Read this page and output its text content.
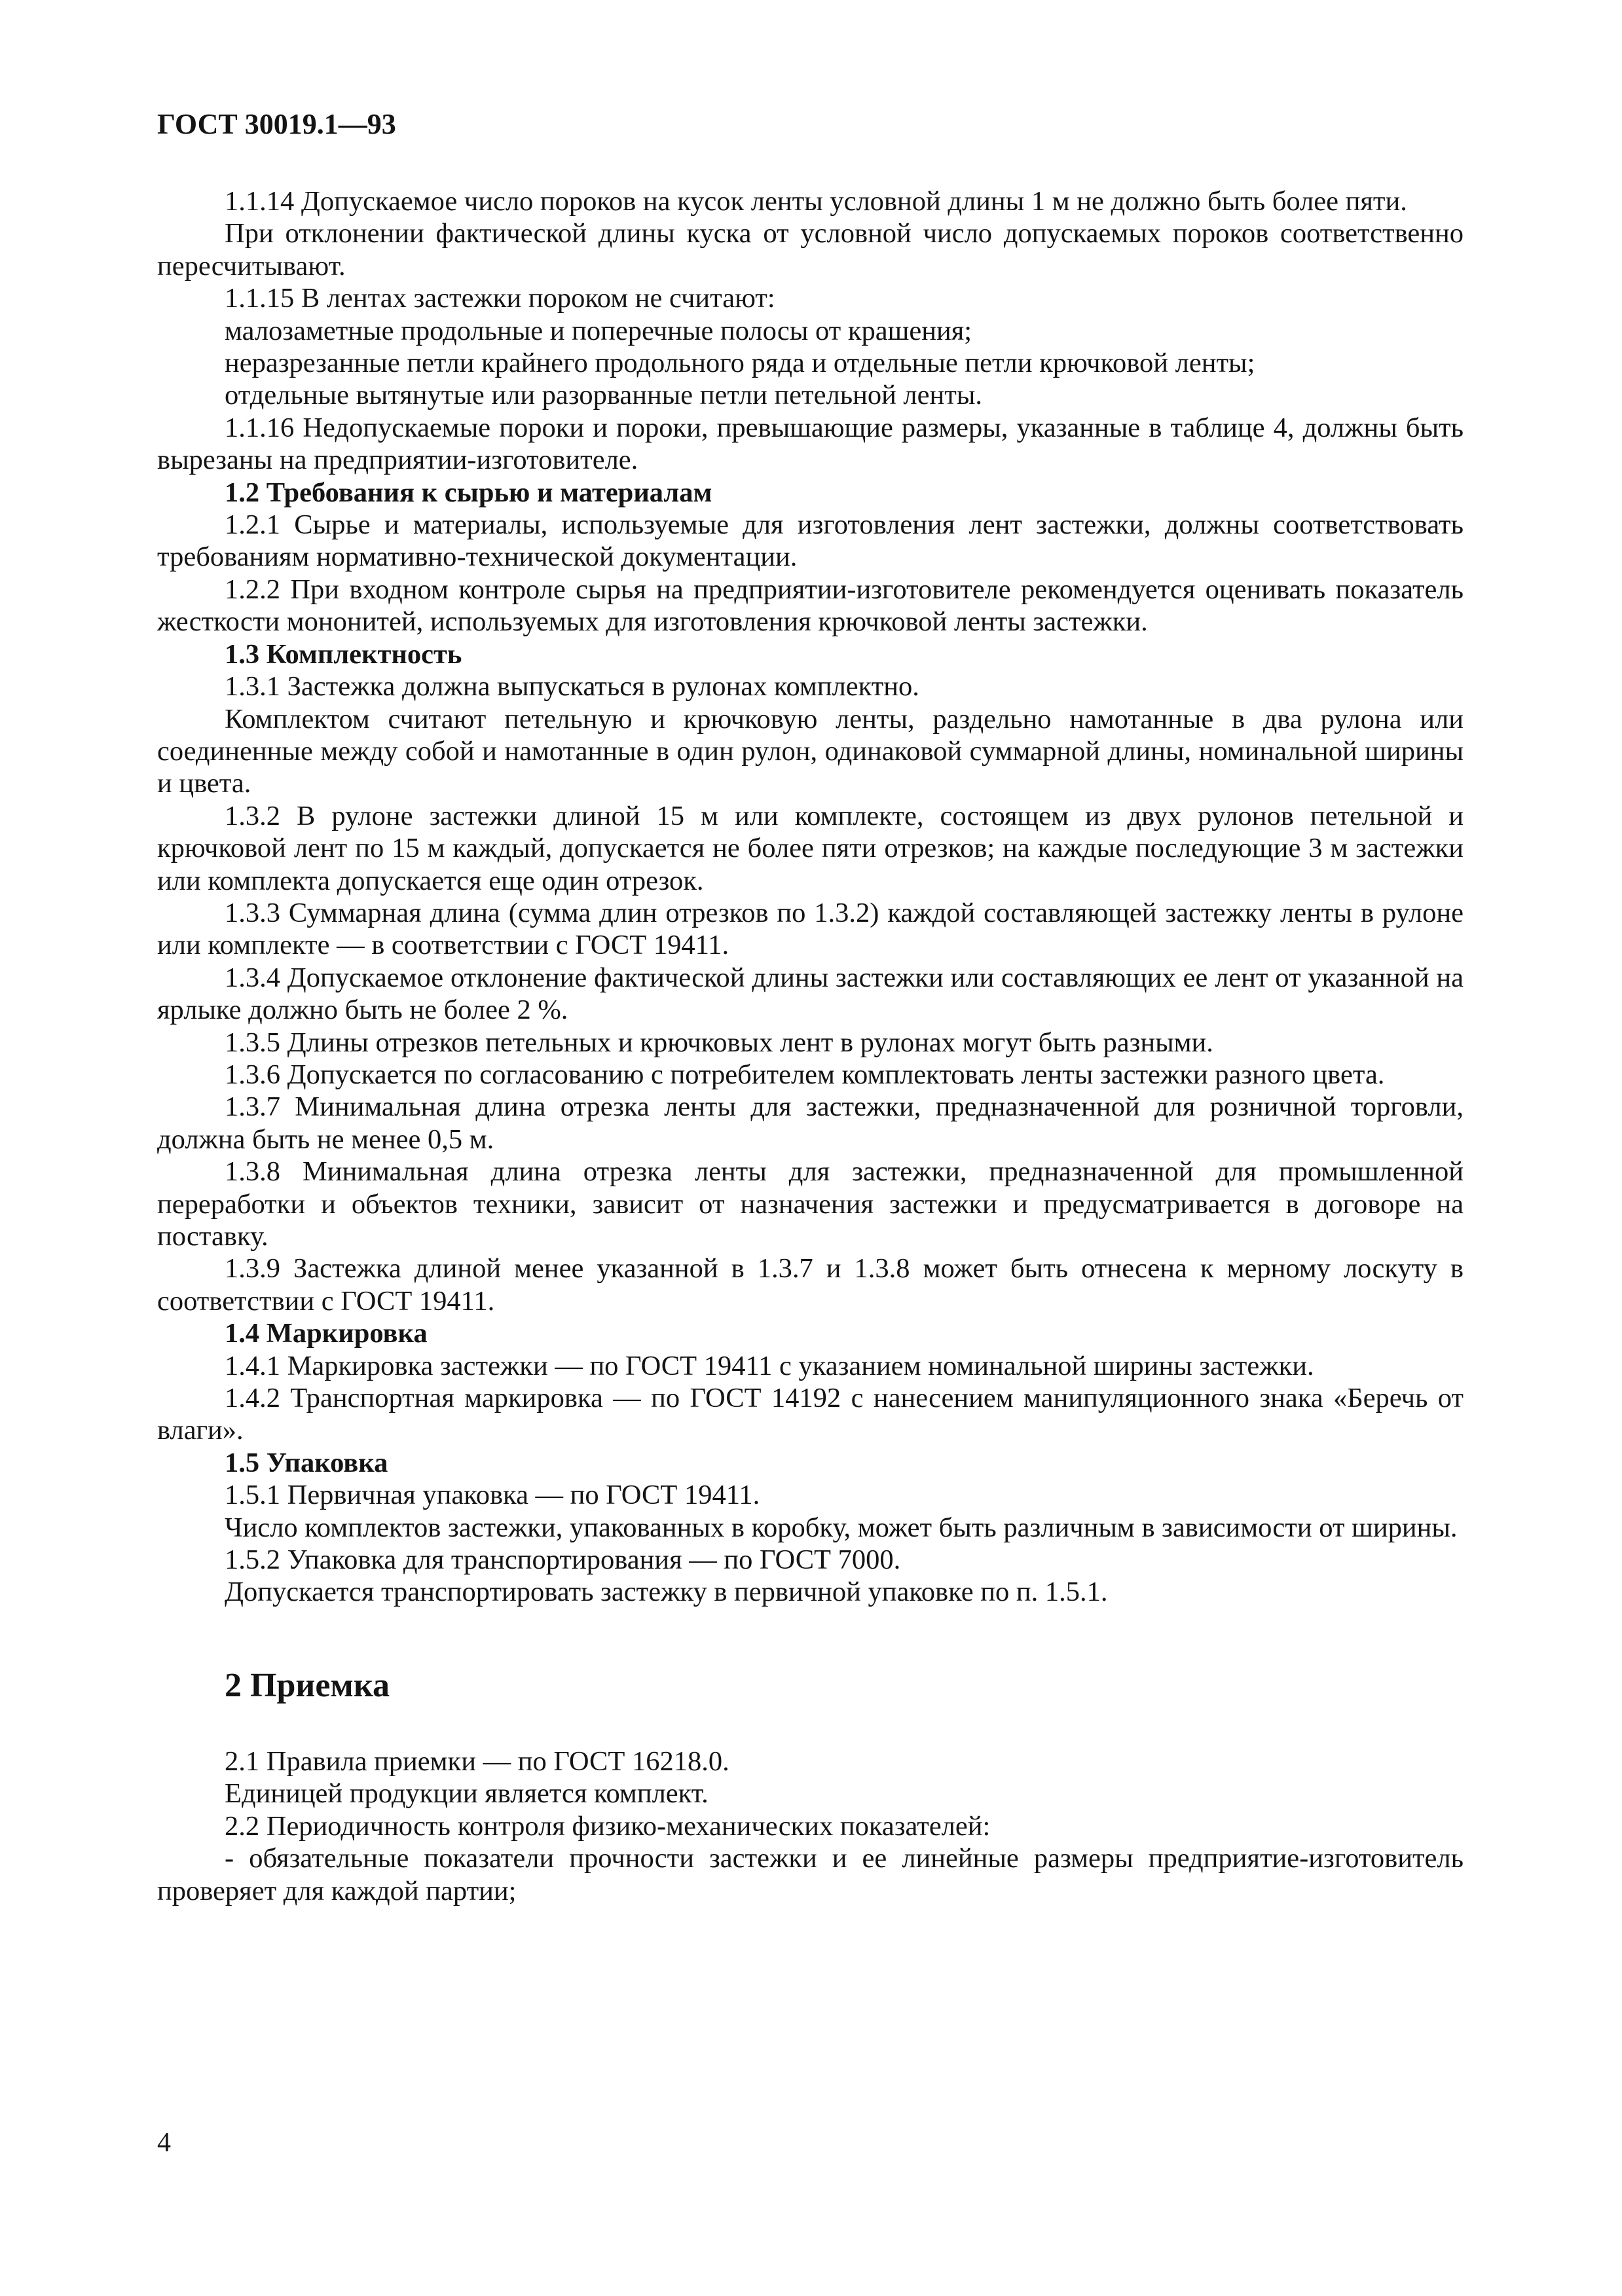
ГОСТ 30019.1—93

1.1.14 Допускаемое число пороков на кусок ленты условной длины 1 м не должно быть более пяти.

При отклонении фактической длины куска от условной число допускаемых пороков соответственно пересчитывают.

1.1.15 В лентах застежки пороком не считают:

малозаметные продольные и поперечные полосы от крашения;

неразрезанные петли крайнего продольного ряда и отдельные петли крючковой ленты;

отдельные вытянутые или разорванные петли петельной ленты.

1.1.16 Недопускаемые пороки и пороки, превышающие размеры, указанные в таблице 4, должны быть вырезаны на предприятии-изготовителе.

1.2 Требования к сырью и материалам

1.2.1 Сырье и материалы, используемые для изготовления лент застежки, должны соответствовать требованиям нормативно-технической документации.

1.2.2 При входном контроле сырья на предприятии-изготовителе рекомендуется оценивать показатель жесткости мононитей, используемых для изготовления крючковой ленты застежки.

1.3 Комплектность

1.3.1 Застежка должна выпускаться в рулонах комплектно.

Комплектом считают петельную и крючковую ленты, раздельно намотанные в два рулона или соединенные между собой и намотанные в один рулон, одинаковой суммарной длины, номинальной ширины и цвета.

1.3.2 В рулоне застежки длиной 15 м или комплекте, состоящем из двух рулонов петельной и крючковой лент по 15 м каждый, допускается не более пяти отрезков; на каждые последующие 3 м застежки или комплекта допускается еще один отрезок.

1.3.3 Суммарная длина (сумма длин отрезков по 1.3.2) каждой составляющей застежку ленты в рулоне или комплекте — в соответствии с ГОСТ 19411.

1.3.4 Допускаемое отклонение фактической длины застежки или составляющих ее лент от указанной на ярлыке должно быть не более 2 %.

1.3.5 Длины отрезков петельных и крючковых лент в рулонах могут быть разными.

1.3.6 Допускается по согласованию с потребителем комплектовать ленты застежки разного цвета.

1.3.7 Минимальная длина отрезка ленты для застежки, предназначенной для розничной торговли, должна быть не менее 0,5 м.

1.3.8 Минимальная длина отрезка ленты для застежки, предназначенной для промышленной переработки и объектов техники, зависит от назначения застежки и предусматривается в договоре на поставку.

1.3.9 Застежка длиной менее указанной в 1.3.7 и 1.3.8 может быть отнесена к мерному лоскуту в соответствии с ГОСТ 19411.

1.4 Маркировка

1.4.1 Маркировка застежки — по ГОСТ 19411 с указанием номинальной ширины застежки.

1.4.2 Транспортная маркировка — по ГОСТ 14192 с нанесением манипуляционного знака «Беречь от влаги».

1.5 Упаковка

1.5.1 Первичная упаковка — по ГОСТ 19411.

Число комплектов застежки, упакованных в коробку, может быть различным в зависимости от ширины.

1.5.2 Упаковка для транспортирования — по ГОСТ 7000.

Допускается транспортировать застежку в первичной упаковке по п. 1.5.1.

2 Приемка

2.1 Правила приемки — по ГОСТ 16218.0.

Единицей продукции является комплект.

2.2 Периодичность контроля физико-механических показателей:

- обязательные показатели прочности застежки и ее линейные размеры предприятие-изготовитель проверяет для каждой партии;

4
